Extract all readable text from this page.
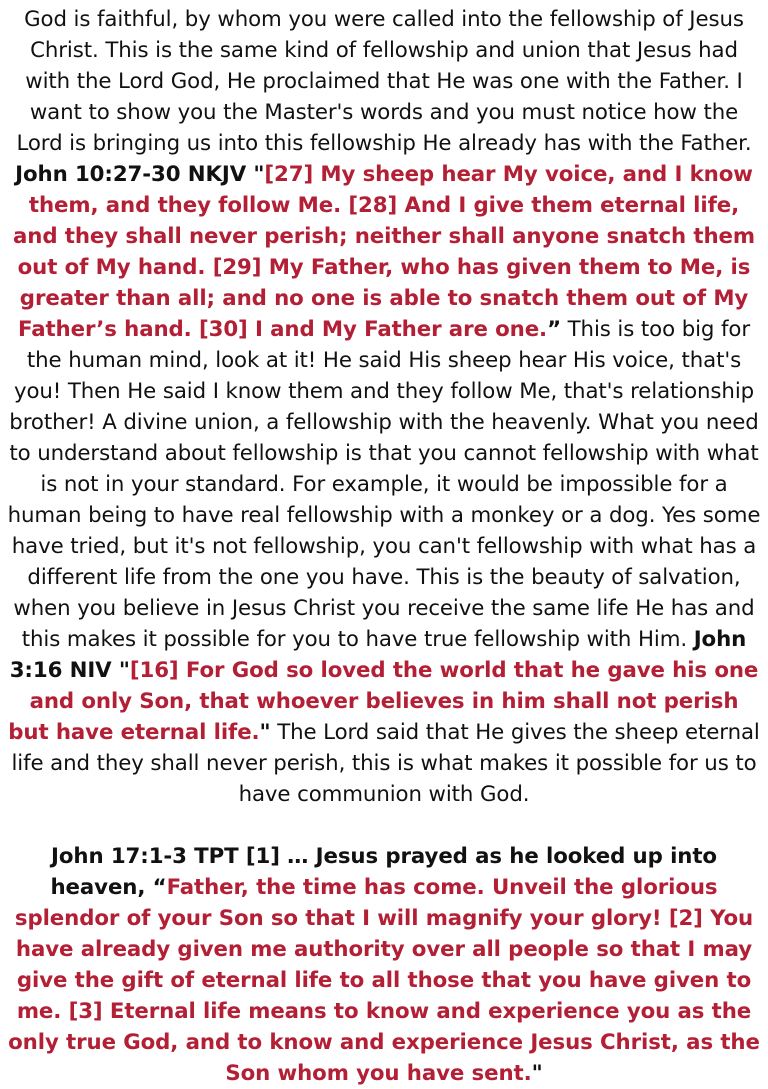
God is faithful, by whom you were called into the fellowship of Jesus Christ. This is the same kind of fellowship and union that Jesus had with the Lord God, He proclaimed that He was one with the Father. I want to show you the Master's words and you must notice how the Lord is bringing us into this fellowship He already has with the Father. John 10:27-30 NKJV "[27] My sheep hear My voice, and I know them, and they follow Me. [28] And I give them eternal life, and they shall never perish; neither shall anyone snatch them out of My hand. [29] My Father, who has given them to Me, is greater than all; and no one is able to snatch them out of My Father’s hand. [30] I and My Father are one.” This is too big for the human mind, look at it! He said His sheep hear His voice, that's you! Then He said I know them and they follow Me, that's relationship brother! A divine union, a fellowship with the heavenly. What you need to understand about fellowship is that you cannot fellowship with what is not in your standard. For example, it would be impossible for a human being to have real fellowship with a monkey or a dog. Yes some have tried, but it's not fellowship, you can't fellowship with what has a different life from the one you have. This is the beauty of salvation, when you believe in Jesus Christ you receive the same life He has and this makes it possible for you to have true fellowship with Him. John 3:16 NIV "[16] For God so loved the world that he gave his one and only Son, that whoever believes in him shall not perish but have eternal life." The Lord said that He gives the sheep eternal life and they shall never perish, this is what makes it possible for us to have communion with God.

John 17:1-3 TPT [1] … Jesus prayed as he looked up into heaven, “Father, the time has come. Unveil the glorious splendor of your Son so that I will magnify your glory! [2] You have already given me authority over all people so that I may give the gift of eternal life to all those that you have given to me. [3] Eternal life means to know and experience you as the only true God, and to know and experience Jesus Christ, as the Son whom you have sent."
